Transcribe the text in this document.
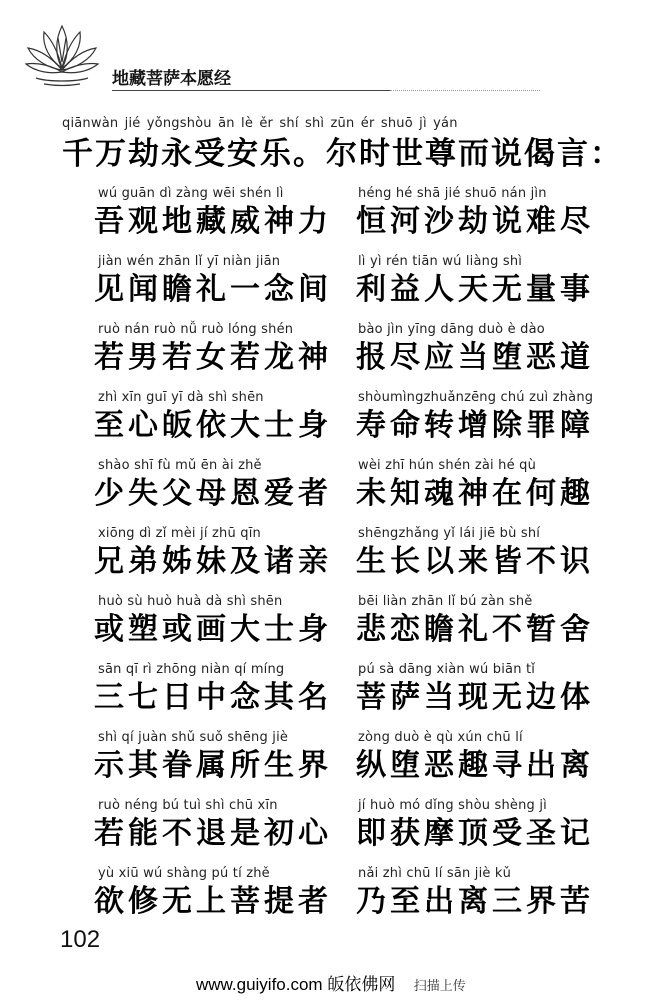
地藏菩萨本愿经
qiānwàn jié yǒngshòu ān lè ěr shí shì zūn ér shuō jì yán
千万劫永受安乐。尔时世尊而说偈言：
wú guān dì zàng wēi shén lì
吾观地藏威神力
héng hé shā jié shuō nán jìn
恒河沙劫说难尽
jiàn wén zhān lǐ yī niàn jiān
见闻瞻礼一念间
lì yì rén tiān wú liàng shì
利益人天无量事
ruò nán ruò nǚ ruò lóng shén
若男若女若龙神
bào jìn yīng dāng duò è dào
报尽应当堕恶道
zhì xīn guī yī dà shì shēn
至心皈依大士身
shòumìngzhuǎnzēng chú zuì zhàng
寿命转增除罪障
shào shī fù mǔ ēn ài zhě
少失父母恩爱者
wèi zhī hún shén zài hé qù
未知魂神在何趣
xiōng dì zǐ mèi jí zhū qīn
兄弟姊妹及诸亲
shēngzhǎng yǐ lái jiē bù shí
生长以来皆不识
huò sù huò huà dà shì shēn
或塑或画大士身
bēi liàn zhān lǐ bú zàn shě
悲恋瞻礼不暂舍
sān qī rì zhōng niàn qí míng
三七日中念其名
pú sà dāng xiàn wú biān tǐ
菩萨当现无边体
shì qí juàn shǔ suǒ shēng jiè
示其眷属所生界
zòng duò è qù xún chū lí
纵堕恶趣寻出离
ruò néng bú tuì shì chū xīn
若能不退是初心
jí huò mó dǐng shòu shèng jì
即获摩顶受圣记
yù xiū wú shàng pú tí zhě
欲修无上菩提者
nǎi zhì chū lí sān jiè kǔ
乃至出离三界苦
102
www.guiyifo.com 皈依佛网 扫描上传
